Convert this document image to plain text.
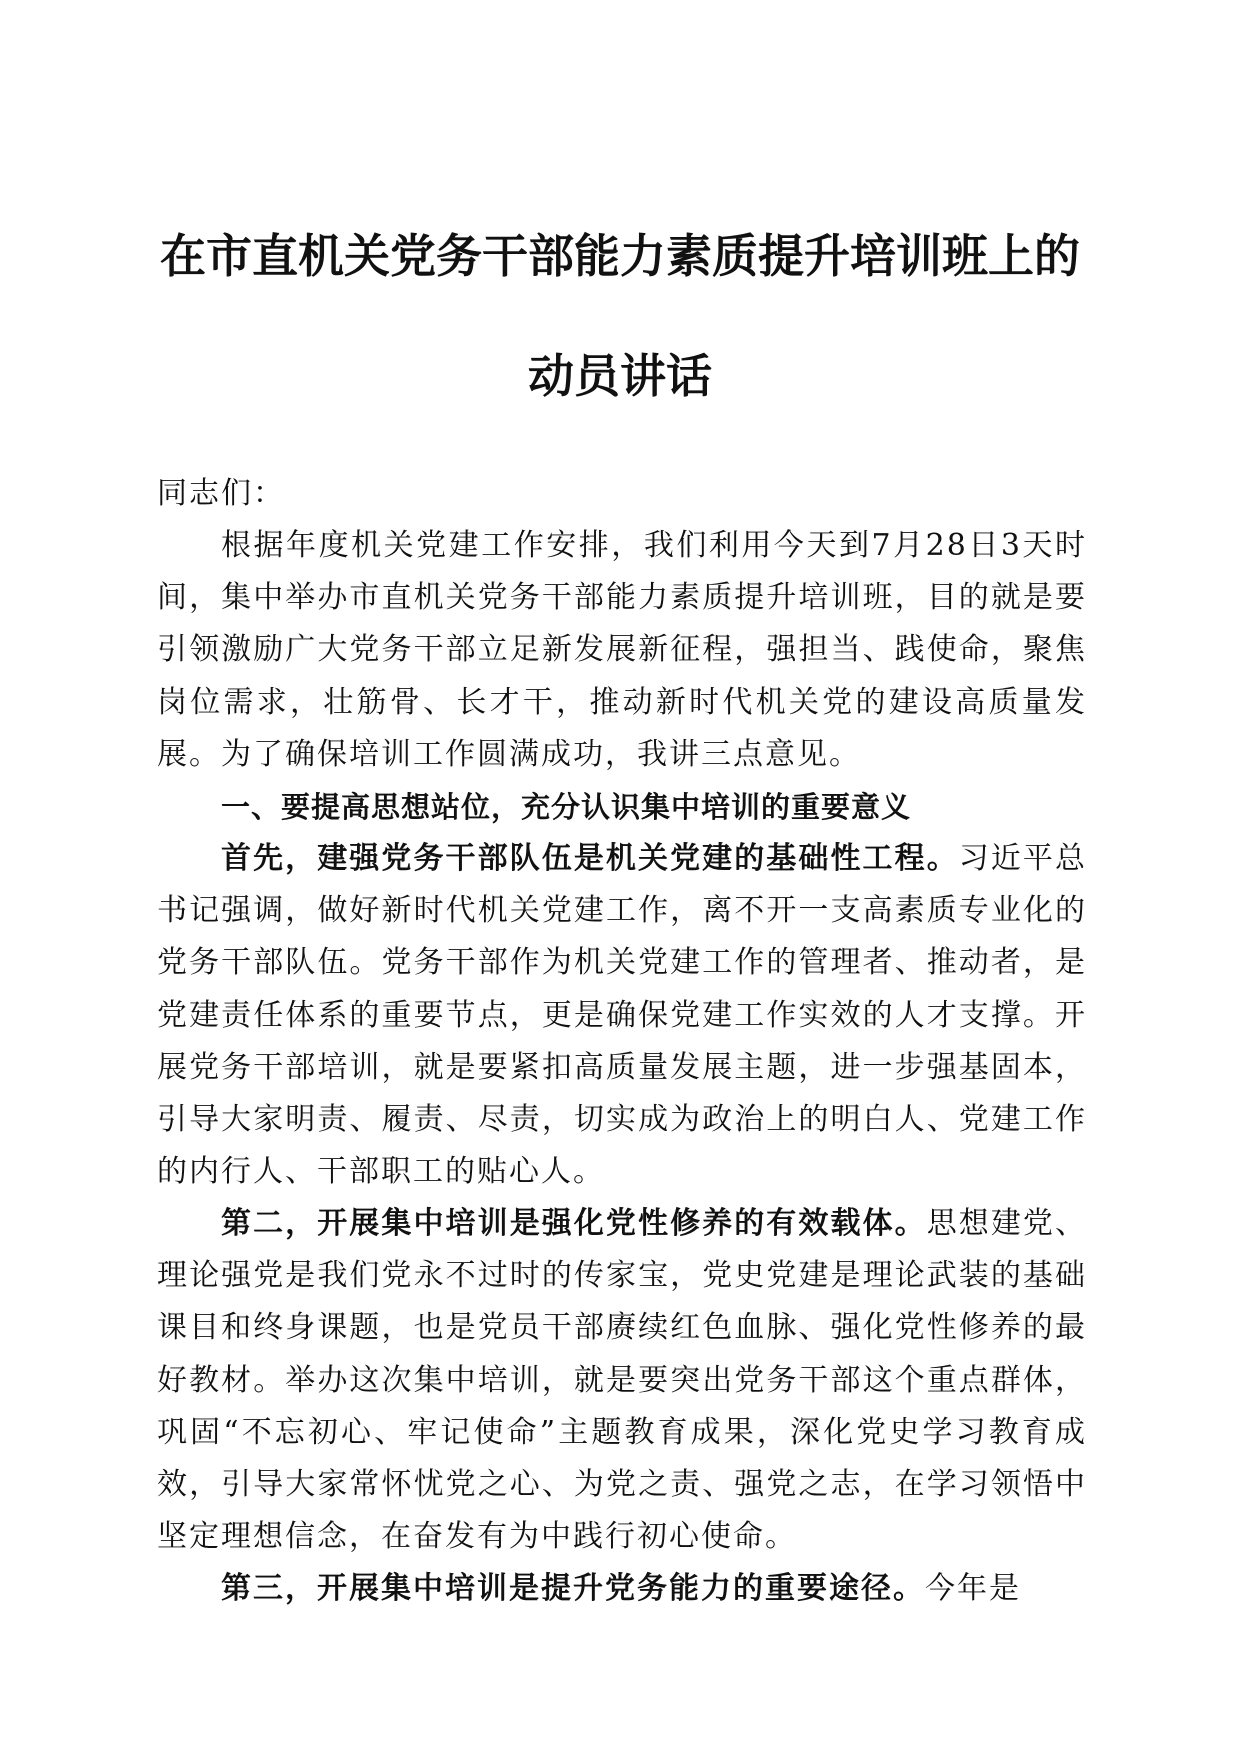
在市直机关党务干部能力素质提升培训班上的
动员讲话

同志们：

根据年度机关党建工作安排，我们利用今天到7月28日3天时间，集中举办市直机关党务干部能力素质提升培训班，目的就是要引领激励广大党务干部立足新发展新征程，强担当、践使命，聚焦岗位需求，壮筋骨、长才干，推动新时代机关党的建设高质量发展。为了确保培训工作圆满成功，我讲三点意见。

一、要提高思想站位，充分认识集中培训的重要意义

首先，建强党务干部队伍是机关党建的基础性工程。习近平总书记强调，做好新时代机关党建工作，离不开一支高素质专业化的党务干部队伍。党务干部作为机关党建工作的管理者、推动者，是党建责任体系的重要节点，更是确保党建工作实效的人才支撑。开展党务干部培训，就是要紧扣高质量发展主题，进一步强基固本，引导大家明责、履责、尽责，切实成为政治上的明白人、党建工作的内行人、干部职工的贴心人。

第二，开展集中培训是强化党性修养的有效载体。思想建党、理论强党是我们党永不过时的传家宝，党史党建是理论武装的基础课目和终身课题，也是党员干部赓续红色血脉、强化党性修养的最好教材。举办这次集中培训，就是要突出党务干部这个重点群体，巩固“不忘初心、牢记使命”主题教育成果，深化党史学习教育成效，引导大家常怀忧党之心、为党之责、强党之志，在学习领悟中坚定理想信念，在奋发有为中践行初心使命。

第三，开展集中培训是提升党务能力的重要途径。今年是
